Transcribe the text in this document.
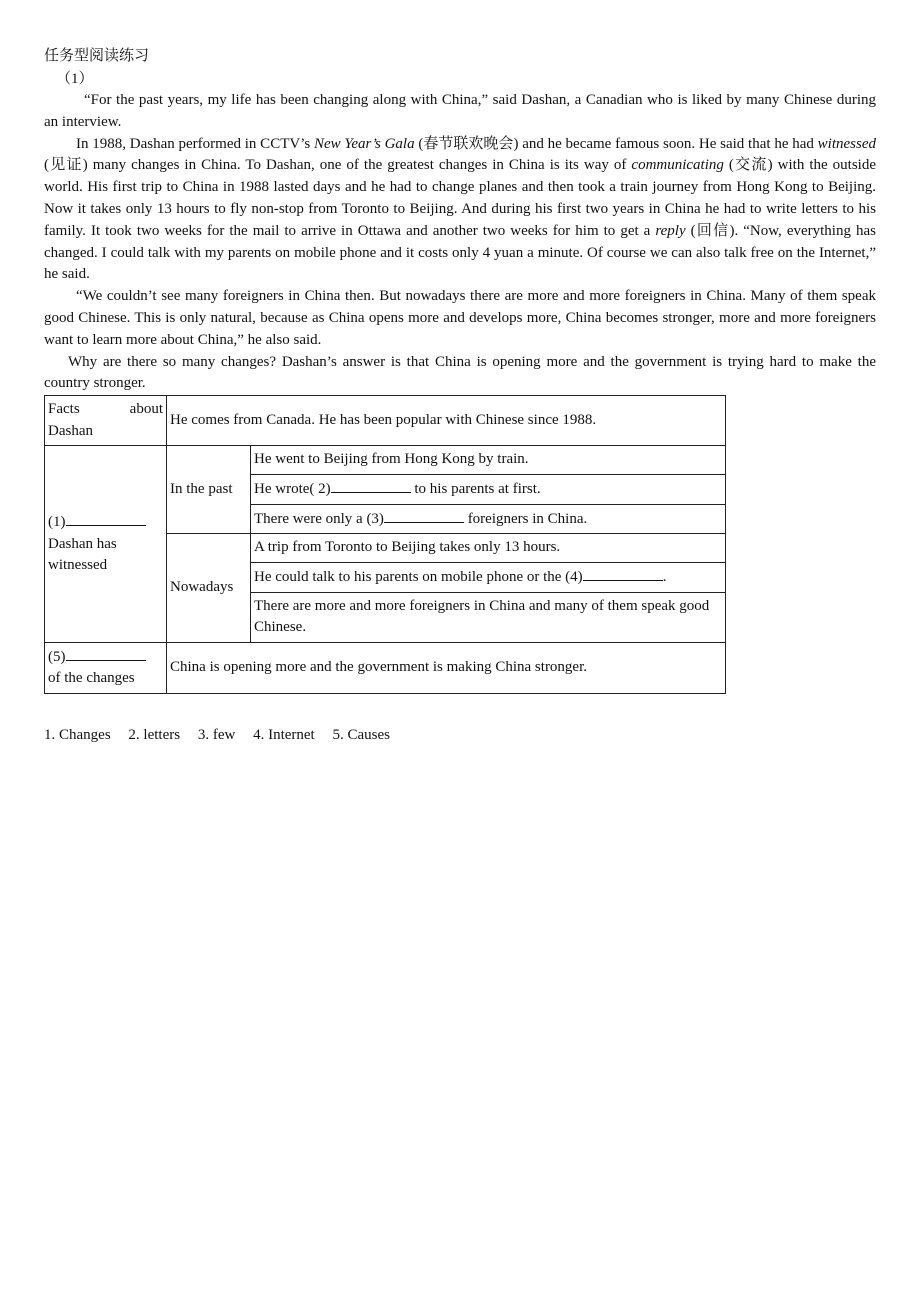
任务型阅读练习
（1）

“For the past years, my life has been changing along with China,” said Dashan, a Canadian who is liked by many Chinese during an interview.

In 1988, Dashan performed in CCTV’s New Year’s Gala (春节联欢晚会) and he became famous soon. He said that he had witnessed (见证) many changes in China. To Dashan, one of the greatest changes in China is its way of communicating (交流) with the outside world. His first trip to China in 1988 lasted days and he had to change planes and then took a train journey from Hong Kong to Beijing. Now it takes only 13 hours to fly non-stop from Toronto to Beijing. And during his first two years in China he had to write letters to his family. It took two weeks for the mail to arrive in Ottawa and another two weeks for him to get a reply (回信). “Now, everything has changed. I could talk with my parents on mobile phone and it costs only 4 yuan a minute. Of course we can also talk free on the Internet,” he said.

“We couldn’t see many foreigners in China then. But nowadays there are more and more foreigners in China. Many of them speak good Chinese. This is only natural, because as China opens more and develops more, China becomes stronger, more and more foreigners want to learn more about China,” he also said.

Why are there so many changes? Dashan’s answer is that China is opening more and the government is trying hard to make the country stronger.

Facts about
Dashan	He comes from Canada. He has been popular with Chinese since 1988.	

(1)
Dashan has
witnessed	In the past	He went to Beijing from Hong Kong by train.
		He wrote( 2) to his parents at first.
		There were only a (3) foreigners in China.
	Nowadays	A trip from Toronto to Beijing takes only 13 hours.
		He could talk to his parents on mobile phone or the (4) .
		There are more and more foreigners in China and many of them speak good Chinese.

(5)
of the changes	China is opening more and the government is making China stronger.	
1. Changes 2. letters 3. few 4. Internet 5. Causes
